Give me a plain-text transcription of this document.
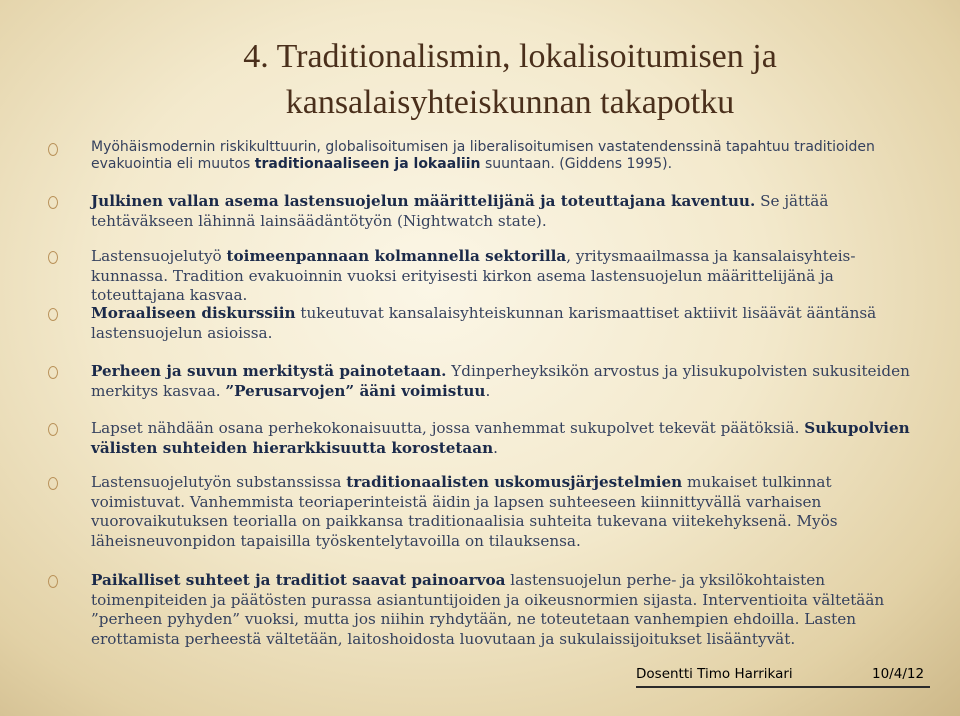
4. Traditionalismin, lokalisoitumisen ja
kansalaisyhteiskunnan takapotku
Myöhäismodernin riskikulttuurin, globalisoitumisen ja liberalisoitumisen vastatendenssinä tapahtuu traditioiden evakuointia eli muutos traditionaaliseen ja lokaaliin suuntaan. (Giddens 1995).
Julkinen vallan asema lastensuojelun määrittelijänä ja toteuttajana kaventuu. Se jättää tehtäväkseen lähinnä lainsäädäntötyön (Nightwatch state).
Lastensuojelutyö toimeenpannaan kolmannella sektorilla, yritysmaailmassa ja kansalaisyhteis-kunnassa. Tradition evakuoinnin vuoksi erityisesti kirkon asema lastensuojelun määrittelijänä ja toteuttajana kasvaa.
Moraaliseen diskurssiin tukeutuvat kansalaisyhteiskunnan karismaattiset aktiivit lisäävät ääntänsä lastensuojelun asioissa.
Perheen ja suvun merkitystä painotetaan. Ydinperheyksikön arvostus ja ylisukupolvisten sukusiteiden merkitys kasvaa. ”Perusarvojen” ääni voimistuu.
Lapset nähdään osana perhekokonaisuutta, jossa vanhemmat sukupolvet tekevät päätöksiä. Sukupolvien välisten suhteiden hierarkkisuutta korostetaan.
Lastensuojelutyön substanssissa traditionaalisten uskomusjärjestelmien mukaiset tulkinnat voimistuvat. Vanhemmista teoriaperinteistä äidin ja lapsen suhteeseen kiinnittyvällä varhaisen vuorovaikutuksen teorialla on paikkansa traditionaalisia suhteita tukevana viitekehyksenä. Myös läheisneuvonpidon tapaisilla työskentelytavoilla on tilauksensa.
Paikalliset suhteet ja traditiot saavat painoarvoa lastensuojelun perhe- ja yksilökohtaisten toimenpiteiden ja päätösten purassa asiantuntijoiden ja oikeusnormien sijasta. Interventioita vältetään ”perheen pyhyden” vuoksi, mutta jos niihin ryhdytään, ne toteutetaan vanhempien ehdoilla. Lasten erottamista perheestä vältetään, laitoshoidosta luovutaan ja sukulaissijoitukset lisääntyvät.
Dosentti Timo Harrikari	10/4/12
